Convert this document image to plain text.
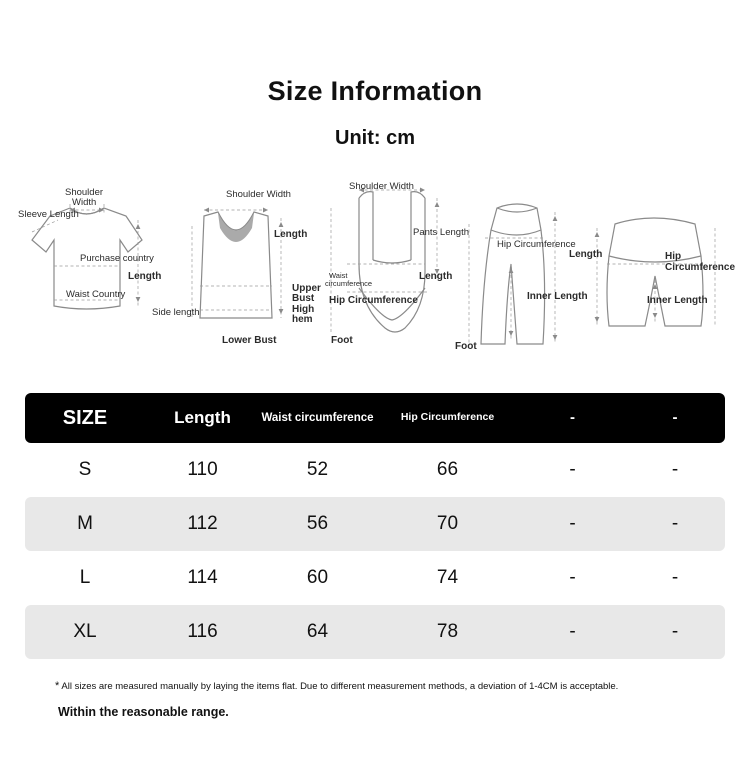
Size Information
Unit: cm
Shoulder
Width
Sleeve Length
Purchase country
Length
Waist Country
Shoulder Width
Length
Upper
Bust
High
hem
Side length
Lower Bust
Shoulder Width
Pants Length
Length
Waist
circumference
Hip Circumference
Foot
Hip Circumference
Inner Length
Foot
Length	Hip
Circumference
Inner Length
SIZE	Length	Waist circumference	Hip Circumference	-	-
S	110	52	66	-	-
M	112	56	70	-	-
L	114	60	74	-	-
XL	116	64	78	-	-
* All sizes are measured manually by laying the items flat. Due to different measurement methods, a deviation of 1-4CM is acceptable.
Within the reasonable range.
